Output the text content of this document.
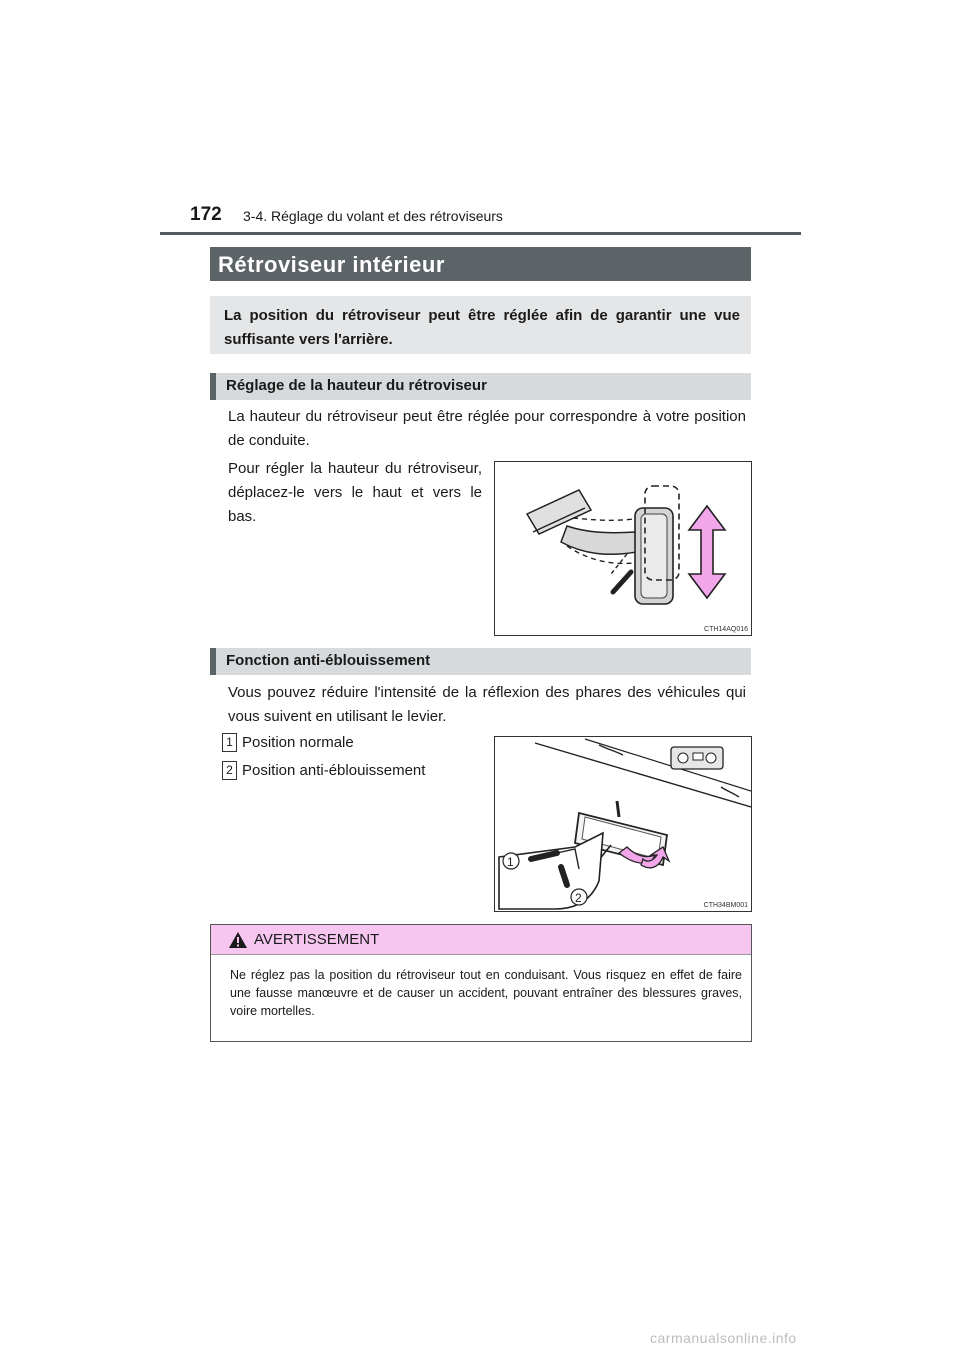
172 3-4. Réglage du volant et des rétroviseurs
Rétroviseur intérieur

La position du rétroviseur peut être réglée afin de garantir une vue suffisante vers l'arrière.

Réglage de la hauteur du rétroviseur

La hauteur du rétroviseur peut être réglée pour correspondre à votre position de conduite.

Pour régler la hauteur du rétroviseur, déplacez-le vers le haut et vers le bas.

CTH14AQ016
Fonction anti-éblouissement

Vous pouvez réduire l'intensité de la réflexion des phares des véhicules qui vous suivent en utilisant le levier.

1 Position normale
2 Position anti-éblouissement
1
2
CTH34BM001
AVERTISSEMENT

Ne réglez pas la position du rétroviseur tout en conduisant. Vous risquez en effet de faire une fausse manœuvre et de causer un accident, pouvant entraîner des blessures graves, voire mortelles.

carmanualsonline.info
